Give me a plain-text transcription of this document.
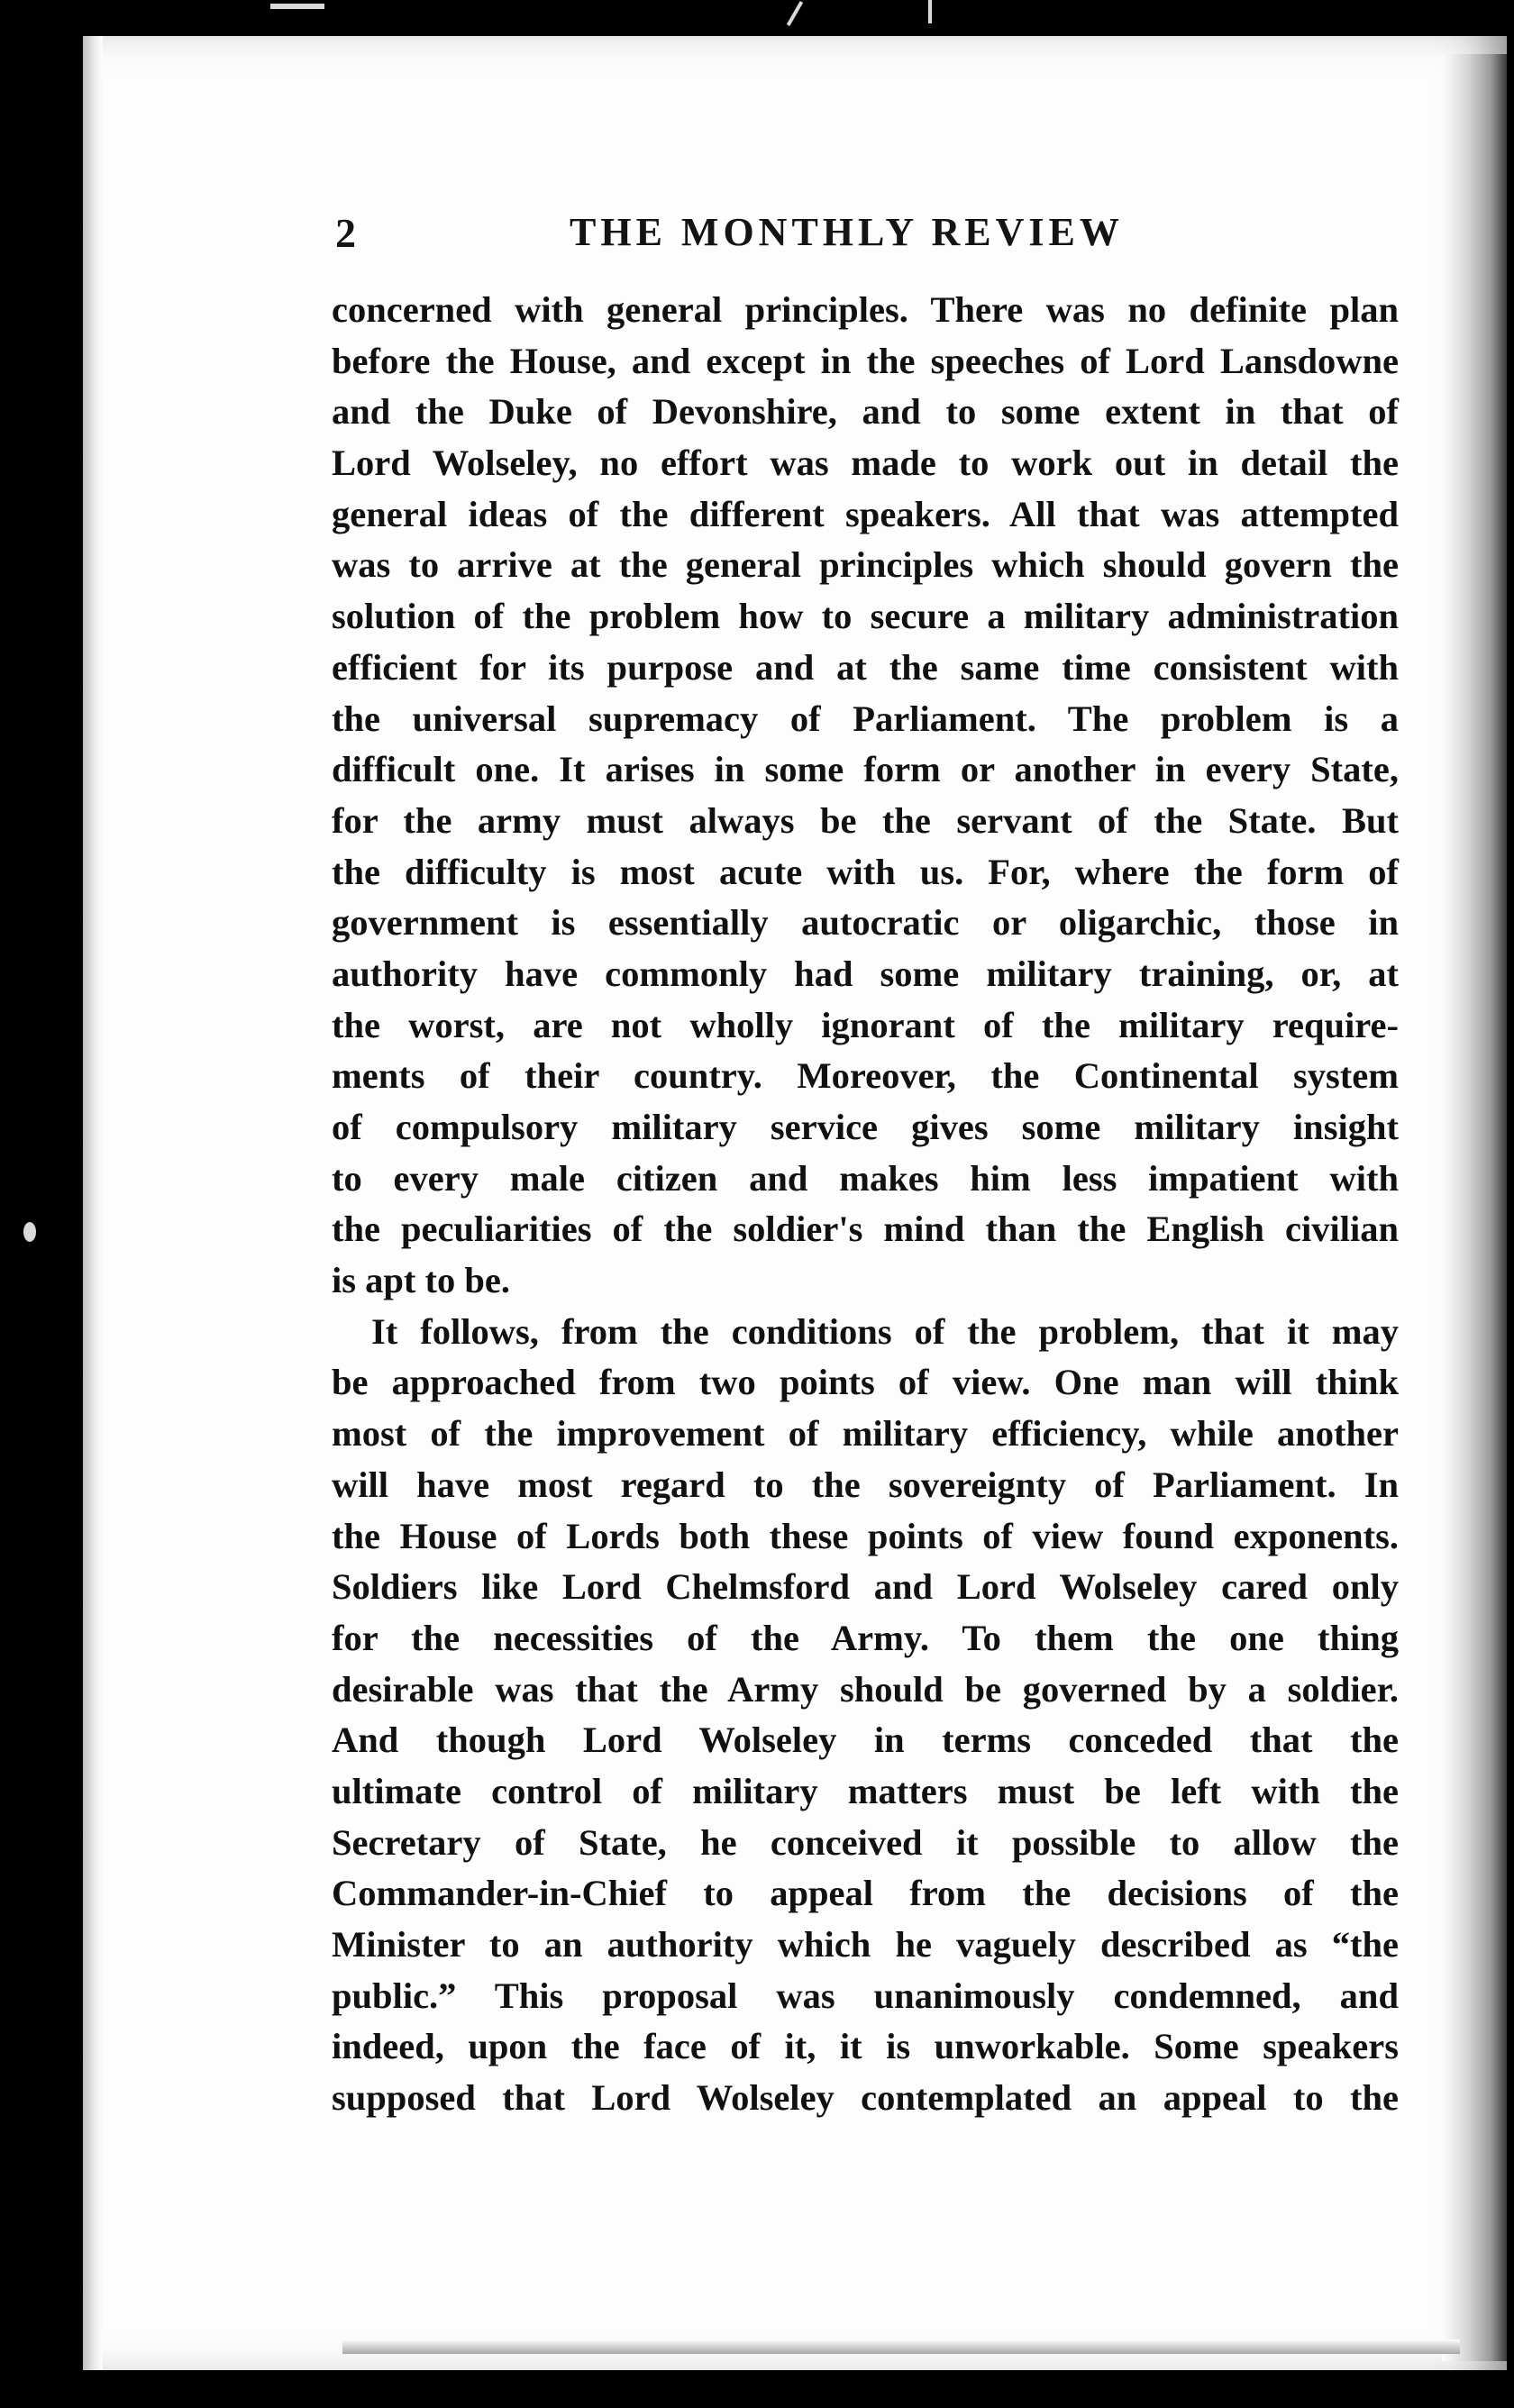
2	THE MONTHLY REVIEW
concerned with general principles. There was no definite plan
before the House, and except in the speeches of Lord Lansdowne
and the Duke of Devonshire, and to some extent in that of
Lord Wolseley, no effort was made to work out in detail the
general ideas of the different speakers. All that was attempted
was to arrive at the general principles which should govern the
solution of the problem how to secure a military administration
efficient for its purpose and at the same time consistent with
the universal supremacy of Parliament. The problem is a
difficult one. It arises in some form or another in every State,
for the army must always be the servant of the State. But
the difficulty is most acute with us. For, where the form of
government is essentially autocratic or oligarchic, those in
authority have commonly had some military training, or, at
the worst, are not wholly ignorant of the military require-
ments of their country. Moreover, the Continental system
of compulsory military service gives some military insight
to every male citizen and makes him less impatient with
the peculiarities of the soldier's mind than the English civilian
is apt to be.
It follows, from the conditions of the problem, that it may
be approached from two points of view. One man will think
most of the improvement of military efficiency, while another
will have most regard to the sovereignty of Parliament. In
the House of Lords both these points of view found exponents.
Soldiers like Lord Chelmsford and Lord Wolseley cared only
for the necessities of the Army. To them the one thing
desirable was that the Army should be governed by a soldier.
And though Lord Wolseley in terms conceded that the
ultimate control of military matters must be left with the
Secretary of State, he conceived it possible to allow the
Commander-in-Chief to appeal from the decisions of the
Minister to an authority which he vaguely described as “the
public.” This proposal was unanimously condemned, and
indeed, upon the face of it, it is unworkable. Some speakers
supposed that Lord Wolseley contemplated an appeal to the
